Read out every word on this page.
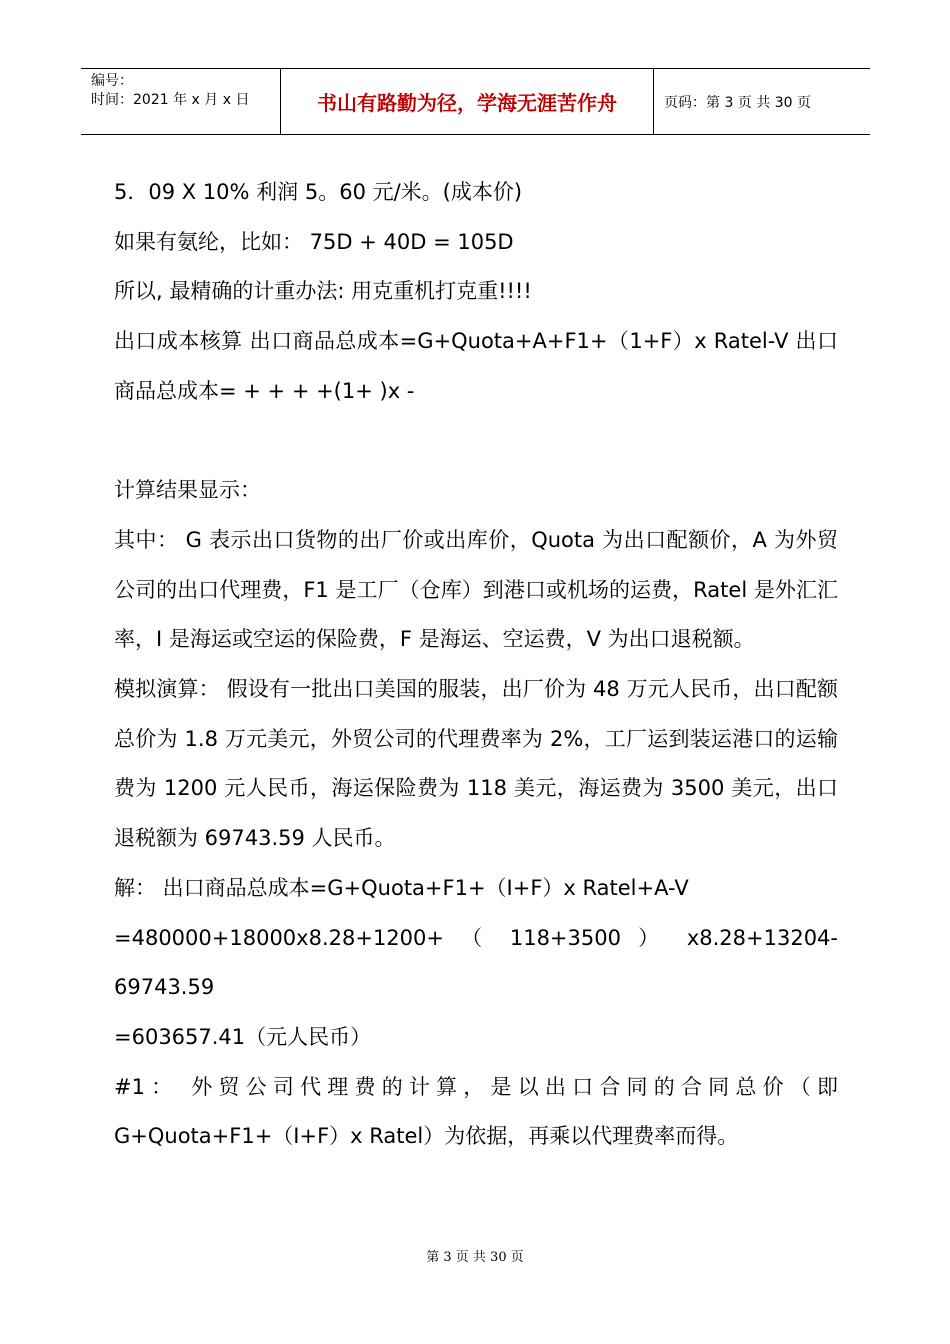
编号：
时间：2021 年 x 月 x 日	书山有路勤为径，学海无涯苦作舟	页码：第 3 页 共 30 页

5．09 X 10% 利润 5。60 元/米。(成本价)

如果有氨纶，比如： 75D + 40D = 105D

所以, 最精确的计重办法: 用克重机打克重!!!!

出口成本核算 出口商品总成本=G+Quota+A+F1+（1+F）x Ratel-V 出口商品总成本= + + + +(1+ )x -

计算结果显示：

其中： G 表示出口货物的出厂价或出库价，Quota 为出口配额价，A 为外贸公司的出口代理费，F1 是工厂（仓库）到港口或机场的运费，Ratel 是外汇汇率，I 是海运或空运的保险费，F 是海运、空运费，V 为出口退税额。

模拟演算： 假设有一批出口美国的服装，出厂价为 48 万元人民币，出口配额总价为 1.8 万元美元，外贸公司的代理费率为 2%，工厂运到装运港口的运输费为 1200 元人民币，海运保险费为 118 美元，海运费为 3500 美元，出口退税额为 69743.59 人民币。

解： 出口商品总成本=G+Quota+F1+（I+F）x Ratel+A-V

=480000+18000x8.28+1200+ （ 118+3500 ） x8.28+13204-69743.59

=603657.41（元人民币）

#1： 外贸公司代理费的计算，是以出口合同的合同总价（即 G+Quota+F1+（I+F）x Ratel）为依据，再乘以代理费率而得。

第 3 页 共 30 页
